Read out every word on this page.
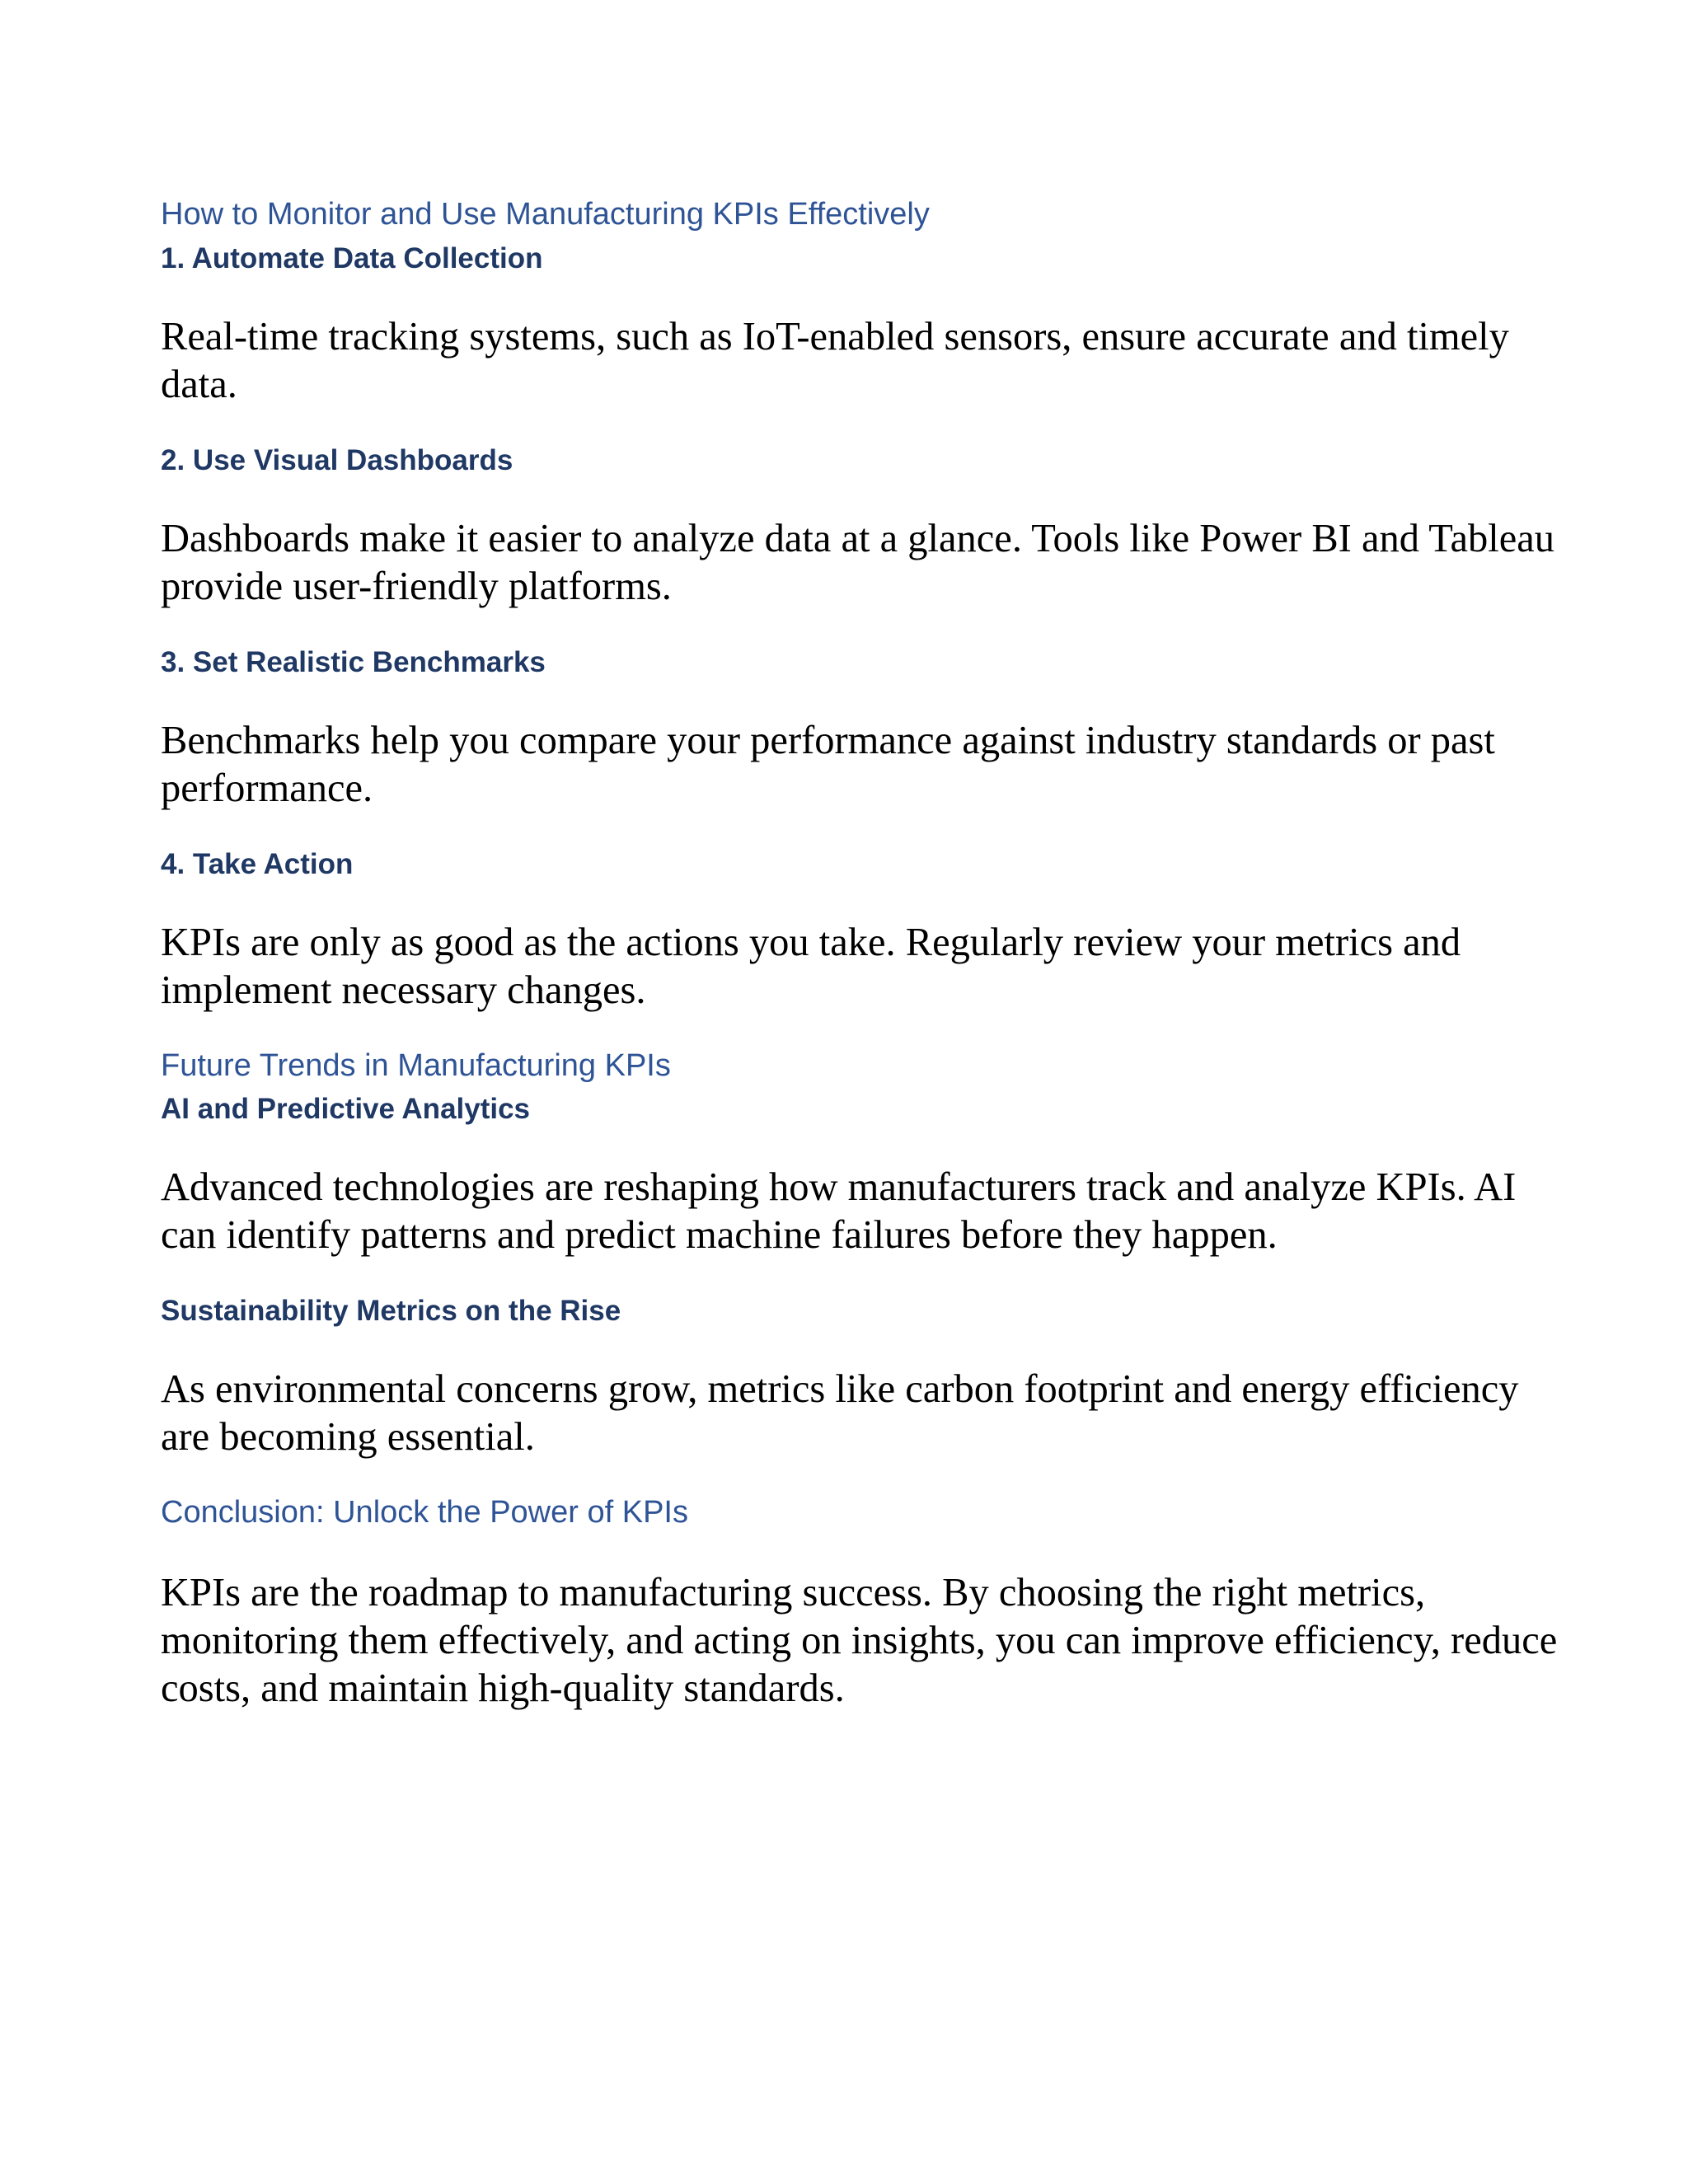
How to Monitor and Use Manufacturing KPIs Effectively
1. Automate Data Collection

Real-time tracking systems, such as IoT-enabled sensors, ensure accurate and timely data.

2. Use Visual Dashboards

Dashboards make it easier to analyze data at a glance. Tools like Power BI and Tableau provide user-friendly platforms.

3. Set Realistic Benchmarks

Benchmarks help you compare your performance against industry standards or past performance.

4. Take Action

KPIs are only as good as the actions you take. Regularly review your metrics and implement necessary changes.

Future Trends in Manufacturing KPIs
AI and Predictive Analytics

Advanced technologies are reshaping how manufacturers track and analyze KPIs. AI can identify patterns and predict machine failures before they happen.

Sustainability Metrics on the Rise

As environmental concerns grow, metrics like carbon footprint and energy efficiency are becoming essential.

Conclusion: Unlock the Power of KPIs

KPIs are the roadmap to manufacturing success. By choosing the right metrics, monitoring them effectively, and acting on insights, you can improve efficiency, reduce costs, and maintain high-quality standards.
